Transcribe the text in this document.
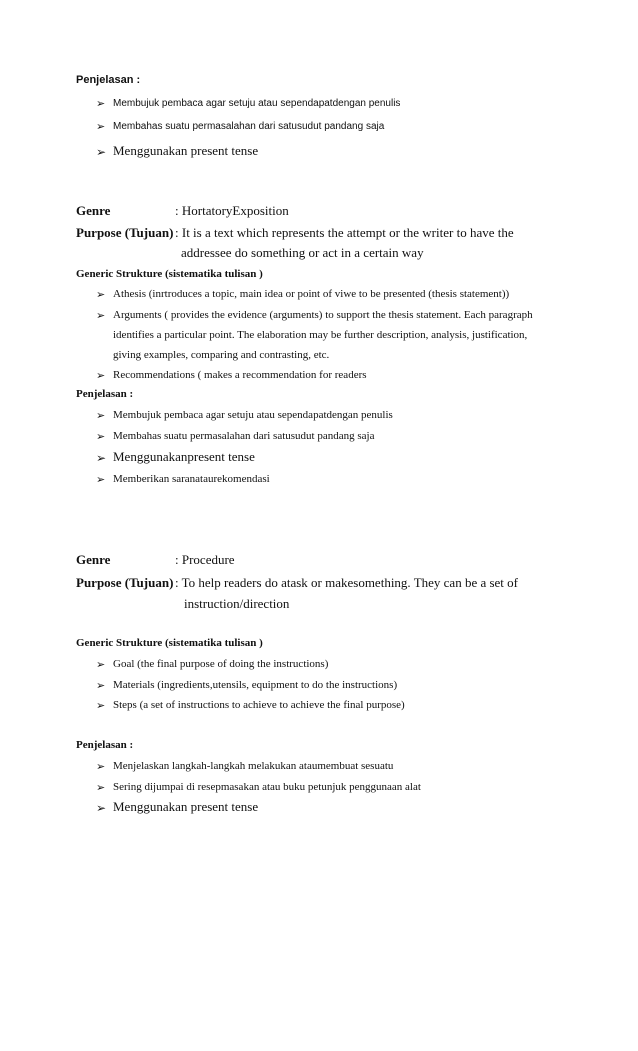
Penjelasan :
➢ Membujuk pembaca agar setuju atau sependapatdengan penulis
➢ Membahas suatu permasalahan dari satusudut pandang saja
➢ Menggunakan present tense
Genre	: HortatoryExposition
Purpose (Tujuan) : It is a text which represents the attempt or the writer to have the
addressee do something or act in a certain way
Generic Strukture (sistematika tulisan )
➢ Athesis (inrtroduces a topic, main idea or point of viwe to be presented (thesis statement))
➢ Arguments ( provides the evidence (arguments) to support the thesis statement. Each paragraph
identifies a particular point. The elaboration may be further description, analysis, justification,
giving examples, comparing and contrasting, etc.
➢ Recommendations ( makes a recommendation for readers
Penjelasan :
➢ Membujuk pembaca agar setuju atau sependapatdengan penulis
➢ Membahas suatu permasalahan dari satusudut pandang saja
➢ Menggunakanpresent tense
➢ Memberikan saranataurekomendasi
Genre	: Procedure
Purpose (Tujuan) : To help readers do atask or makesomething. They can be a set of
instruction/direction
Generic Strukture (sistematika tulisan )
➢ Goal (the final purpose of doing the instructions)
➢ Materials (ingredients,utensils, equipment to do the instructions)
➢ Steps (a set of instructions to achieve to achieve the final purpose)
Penjelasan :
➢ Menjelaskan langkah-langkah melakukan ataumembuat sesuatu
➢ Sering dijumpai di resepmasakan atau buku petunjuk penggunaan alat
➢ Menggunakan present tense
